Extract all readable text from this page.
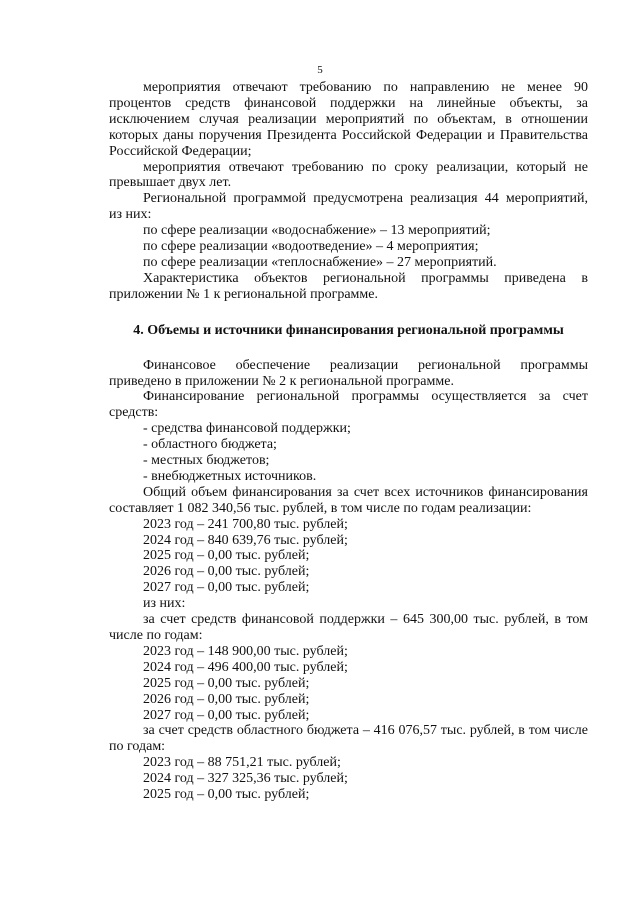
5
мероприятия отвечают требованию по направлению не менее 90
процентов средств финансовой поддержки на линейные объекты, за
исключением случая реализации мероприятий по объектам, в отношении
которых даны поручения Президента Российской Федерации и Правительства
Российской Федерации;
мероприятия отвечают требованию по сроку реализации, который не
превышает двух лет.
Региональной программой предусмотрена реализация 44 мероприятий,
из них:
по сфере реализации «водоснабжение» – 13 мероприятий;
по сфере реализации «водоотведение» – 4 мероприятия;
по сфере реализации «теплоснабжение» – 27 мероприятий.
Характеристика объектов региональной программы приведена в
приложении № 1 к региональной программе.
4. Объемы и источники финансирования региональной программы
Финансовое обеспечение реализации региональной программы
приведено в приложении № 2 к региональной программе.
Финансирование региональной программы осуществляется за счет
средств:
- средства финансовой поддержки;
- областного бюджета;
- местных бюджетов;
- внебюджетных источников.
Общий объем финансирования за счет всех источников финансирования
составляет 1 082 340,56 тыс. рублей, в том числе по годам реализации:
2023 год – 241 700,80 тыс. рублей;
2024 год – 840 639,76 тыс. рублей;
2025 год – 0,00 тыс. рублей;
2026 год – 0,00 тыс. рублей;
2027 год – 0,00 тыс. рублей;
из них:
за счет средств финансовой поддержки – 645 300,00 тыс. рублей, в том
числе по годам:
2023 год – 148 900,00 тыс. рублей;
2024 год – 496 400,00 тыс. рублей;
2025 год – 0,00 тыс. рублей;
2026 год – 0,00 тыс. рублей;
2027 год – 0,00 тыс. рублей;
за счет средств областного бюджета – 416 076,57 тыс. рублей, в том числе
по годам:
2023 год – 88 751,21 тыс. рублей;
2024 год – 327 325,36 тыс. рублей;
2025 год – 0,00 тыс. рублей;
